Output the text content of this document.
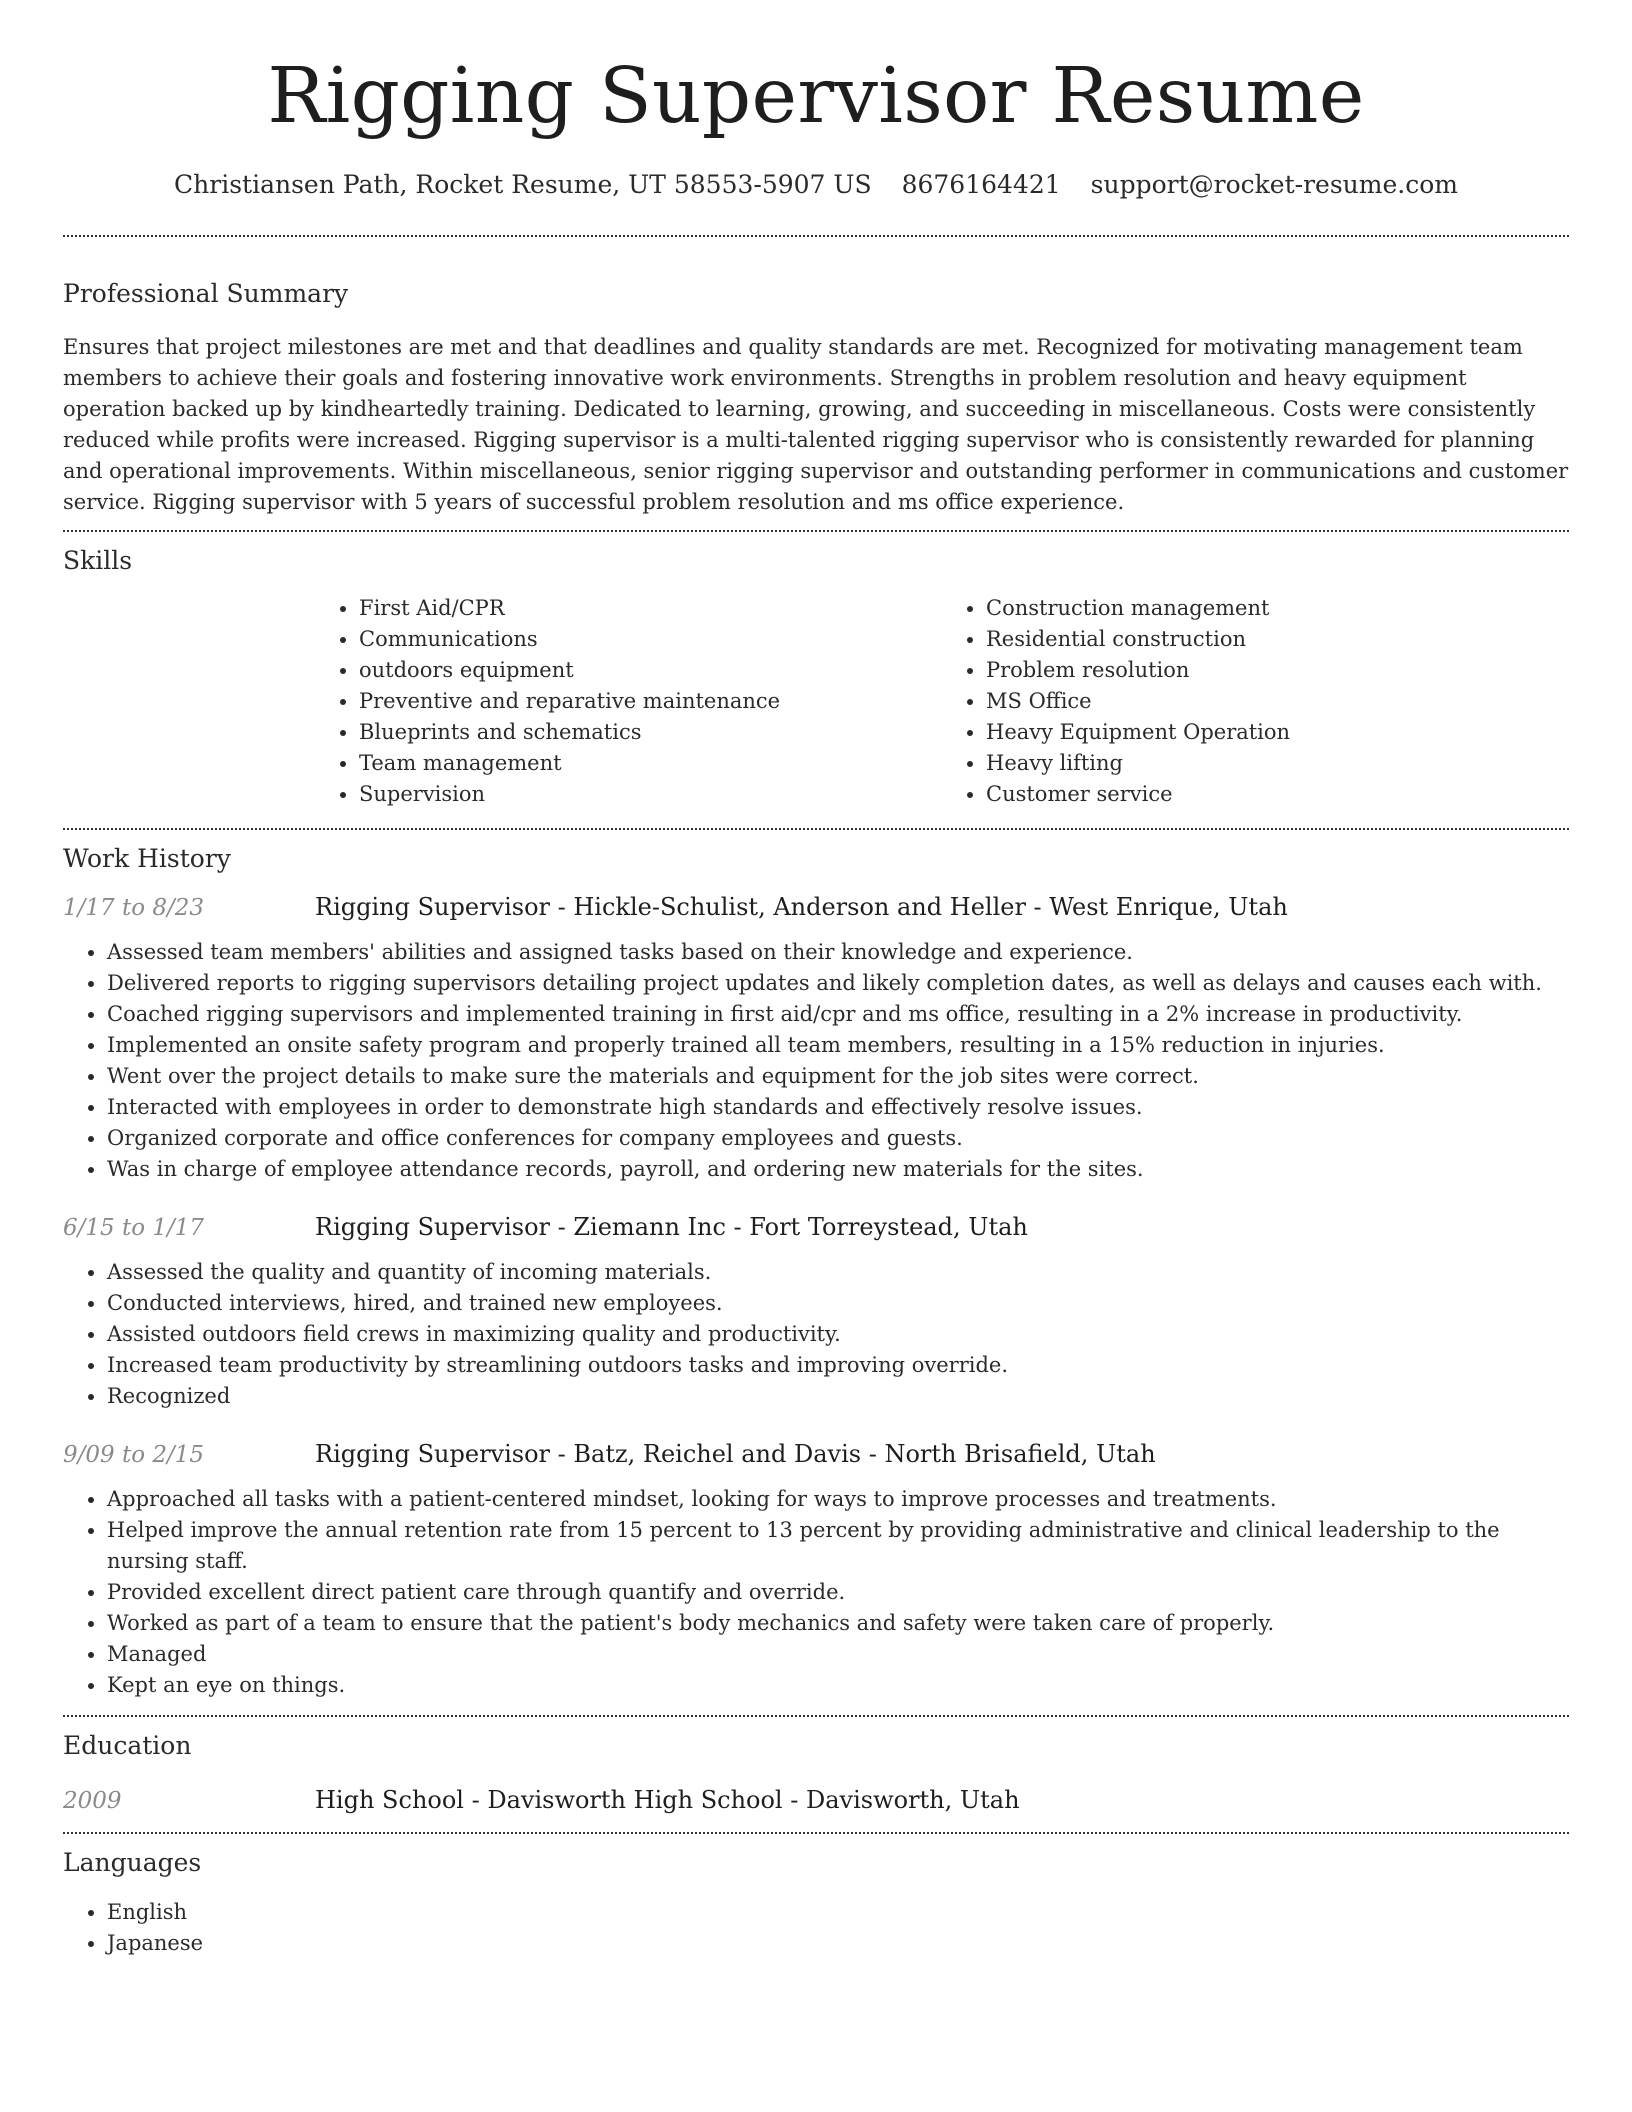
Rigging Supervisor Resume
Christiansen Path, Rocket Resume, UT 58553-5907 US 8676164421 support@rocket-resume.com
Professional Summary

Ensures that project milestones are met and that deadlines and quality standards are met. Recognized for motivating management team members to achieve their goals and fostering innovative work environments. Strengths in problem resolution and heavy equipment operation backed up by kindheartedly training. Dedicated to learning, growing, and succeeding in miscellaneous. Costs were consistently reduced while profits were increased. Rigging supervisor is a multi-talented rigging supervisor who is consistently rewarded for planning and operational improvements. Within miscellaneous, senior rigging supervisor and outstanding performer in communications and customer service. Rigging supervisor with 5 years of successful problem resolution and ms office experience.

Skills
• First Aid/CPR
• Communications
• outdoors equipment
• Preventive and reparative maintenance
• Blueprints and schematics
• Team management
• Supervision
• Construction management
• Residential construction
• Problem resolution
• MS Office
• Heavy Equipment Operation
• Heavy lifting
• Customer service
Work History
1/17 to 8/23	Rigging Supervisor - Hickle-Schulist, Anderson and Heller - West Enrique, Utah
• Assessed team members' abilities and assigned tasks based on their knowledge and experience.
• Delivered reports to rigging supervisors detailing project updates and likely completion dates, as well as delays and causes each with.
• Coached rigging supervisors and implemented training in first aid/cpr and ms office, resulting in a 2% increase in productivity.
• Implemented an onsite safety program and properly trained all team members, resulting in a 15% reduction in injuries.
• Went over the project details to make sure the materials and equipment for the job sites were correct.
• Interacted with employees in order to demonstrate high standards and effectively resolve issues.
• Organized corporate and office conferences for company employees and guests.
• Was in charge of employee attendance records, payroll, and ordering new materials for the sites.
6/15 to 1/17	Rigging Supervisor - Ziemann Inc - Fort Torreystead, Utah
• Assessed the quality and quantity of incoming materials.
• Conducted interviews, hired, and trained new employees.
• Assisted outdoors field crews in maximizing quality and productivity.
• Increased team productivity by streamlining outdoors tasks and improving override.
• Recognized
9/09 to 2/15	Rigging Supervisor - Batz, Reichel and Davis - North Brisafield, Utah
• Approached all tasks with a patient-centered mindset, looking for ways to improve processes and treatments.
• Helped improve the annual retention rate from 15 percent to 13 percent by providing administrative and clinical leadership to the nursing staff.
• Provided excellent direct patient care through quantify and override.
• Worked as part of a team to ensure that the patient's body mechanics and safety were taken care of properly.
• Managed
• Kept an eye on things.
Education
2009	High School - Davisworth High School - Davisworth, Utah
Languages
• English
• Japanese
